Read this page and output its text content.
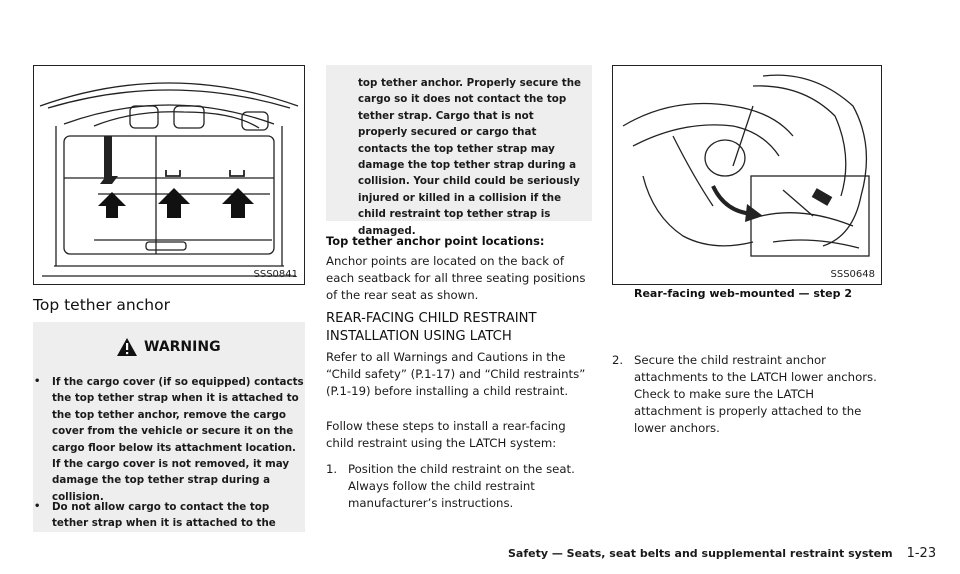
SSS0841
Top tether anchor
WARNING
• If the cargo cover (if so equipped) contacts the top tether strap when it is attached to the top tether anchor, remove the cargo cover from the vehicle or secure it on the cargo floor below its attachment location. If the cargo cover is not removed, it may damage the top tether strap during a collision.
• Do not allow cargo to contact the top tether strap when it is attached to the
top tether anchor. Properly secure the cargo so it does not contact the top tether strap. Cargo that is not properly secured or cargo that contacts the top tether strap may damage the top tether strap during a collision. Your child could be seriously injured or killed in a collision if the child restraint top tether strap is damaged.
Top tether anchor point locations:
Anchor points are located on the back of each seatback for all three seating positions of the rear seat as shown.
REAR-FACING CHILD RESTRAINT INSTALLATION USING LATCH
Refer to all Warnings and Cautions in the “Child safety” (P.1-17) and “Child restraints” (P.1-19) before installing a child restraint.
Follow these steps to install a rear-facing child restraint using the LATCH system:
1. Position the child restraint on the seat. Always follow the child restraint manufacturer’s instructions.
SSS0648
Rear-facing web-mounted — step 2
2. Secure the child restraint anchor attachments to the LATCH lower anchors. Check to make sure the LATCH attachment is properly attached to the lower anchors.
Safety — Seats, seat belts and supplemental restraint system 1-23
